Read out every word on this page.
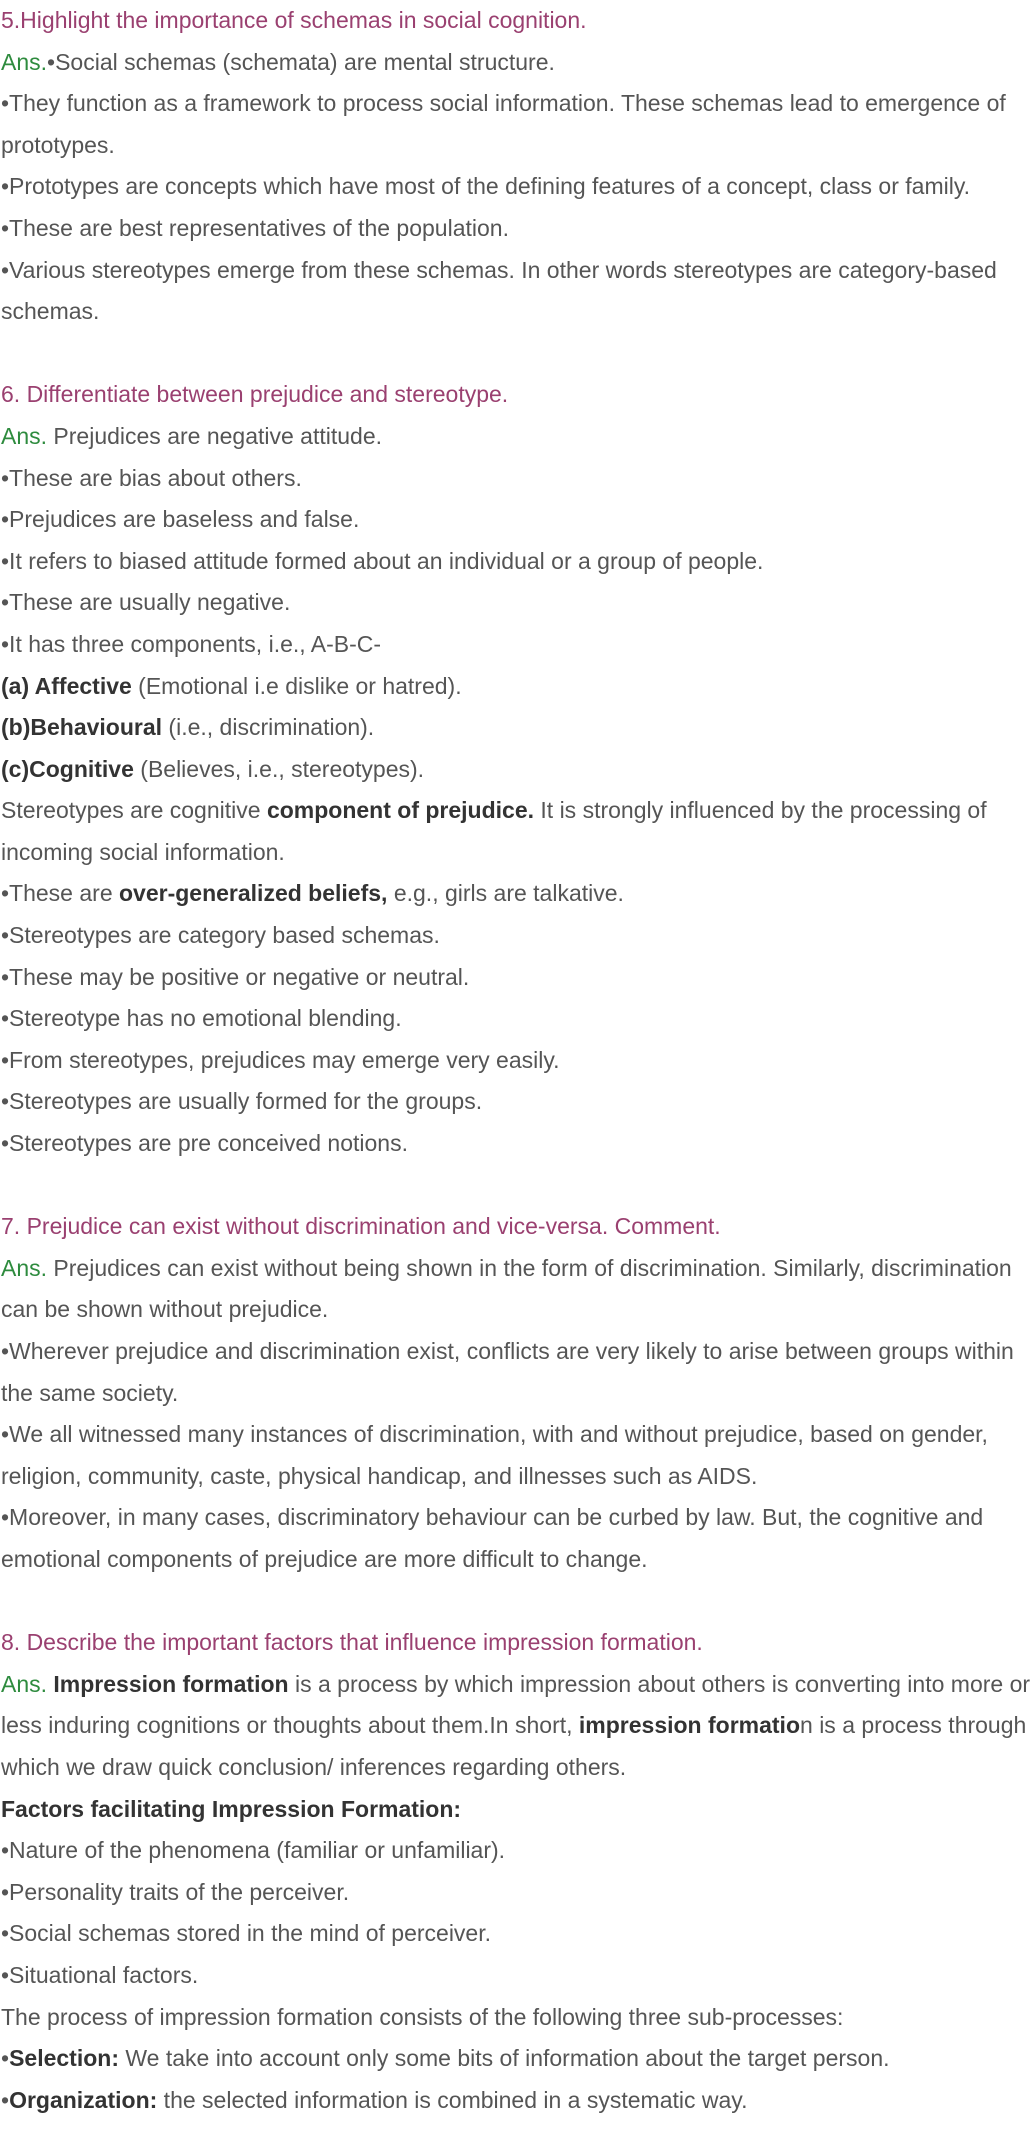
5.Highlight the importance of schemas in social cognition.
Ans.•Social schemas (schemata) are mental structure.
•They function as a framework to process social information. These schemas lead to emergence of prototypes.
•Prototypes are concepts which have most of the defining features of a concept, class or family.
•These are best representatives of the population.
•Various stereotypes emerge from these schemas. In other words stereotypes are category-based schemas.
6. Differentiate between prejudice and stereotype.
Ans. Prejudices are negative attitude.
•These are bias about others.
•Prejudices are baseless and false.
•It refers to biased attitude formed about an individual or a group of people.
•These are usually negative.
•It has three components, i.e., A-B-C-
(a) Affective (Emotional i.e dislike or hatred).
(b)Behavioural (i.e., discrimination).
(c)Cognitive (Believes, i.e., stereotypes).
Stereotypes are cognitive component of prejudice. It is strongly influenced by the processing of incoming social information.
•These are over-generalized beliefs, e.g., girls are talkative.
•Stereotypes are category based schemas.
•These may be positive or negative or neutral.
•Stereotype has no emotional blending.
•From stereotypes, prejudices may emerge very easily.
•Stereotypes are usually formed for the groups.
•Stereotypes are pre conceived notions.
7. Prejudice can exist without discrimination and vice-versa. Comment.
Ans. Prejudices can exist without being shown in the form of discrimination. Similarly, discrimination can be shown without prejudice.
•Wherever prejudice and discrimination exist, conflicts are very likely to arise between groups within the same society.
•We all witnessed many instances of discrimination, with and without prejudice, based on gender, religion, community, caste, physical handicap, and illnesses such as AIDS.
•Moreover, in many cases, discriminatory behaviour can be curbed by law. But, the cognitive and emotional components of prejudice are more difficult to change.
8. Describe the important factors that influence impression formation.
Ans. Impression formation is a process by which impression about others is converting into more or less induring cognitions or thoughts about them.In short, impression formation is a process through which we draw quick conclusion/ inferences regarding others.
Factors facilitating Impression Formation:
•Nature of the phenomena (familiar or unfamiliar).
•Personality traits of the perceiver.
•Social schemas stored in the mind of perceiver.
•Situational factors.
The process of impression formation consists of the following three sub-processes:
•Selection: We take into account only some bits of information about the target person.
•Organization: the selected information is combined in a systematic way.
